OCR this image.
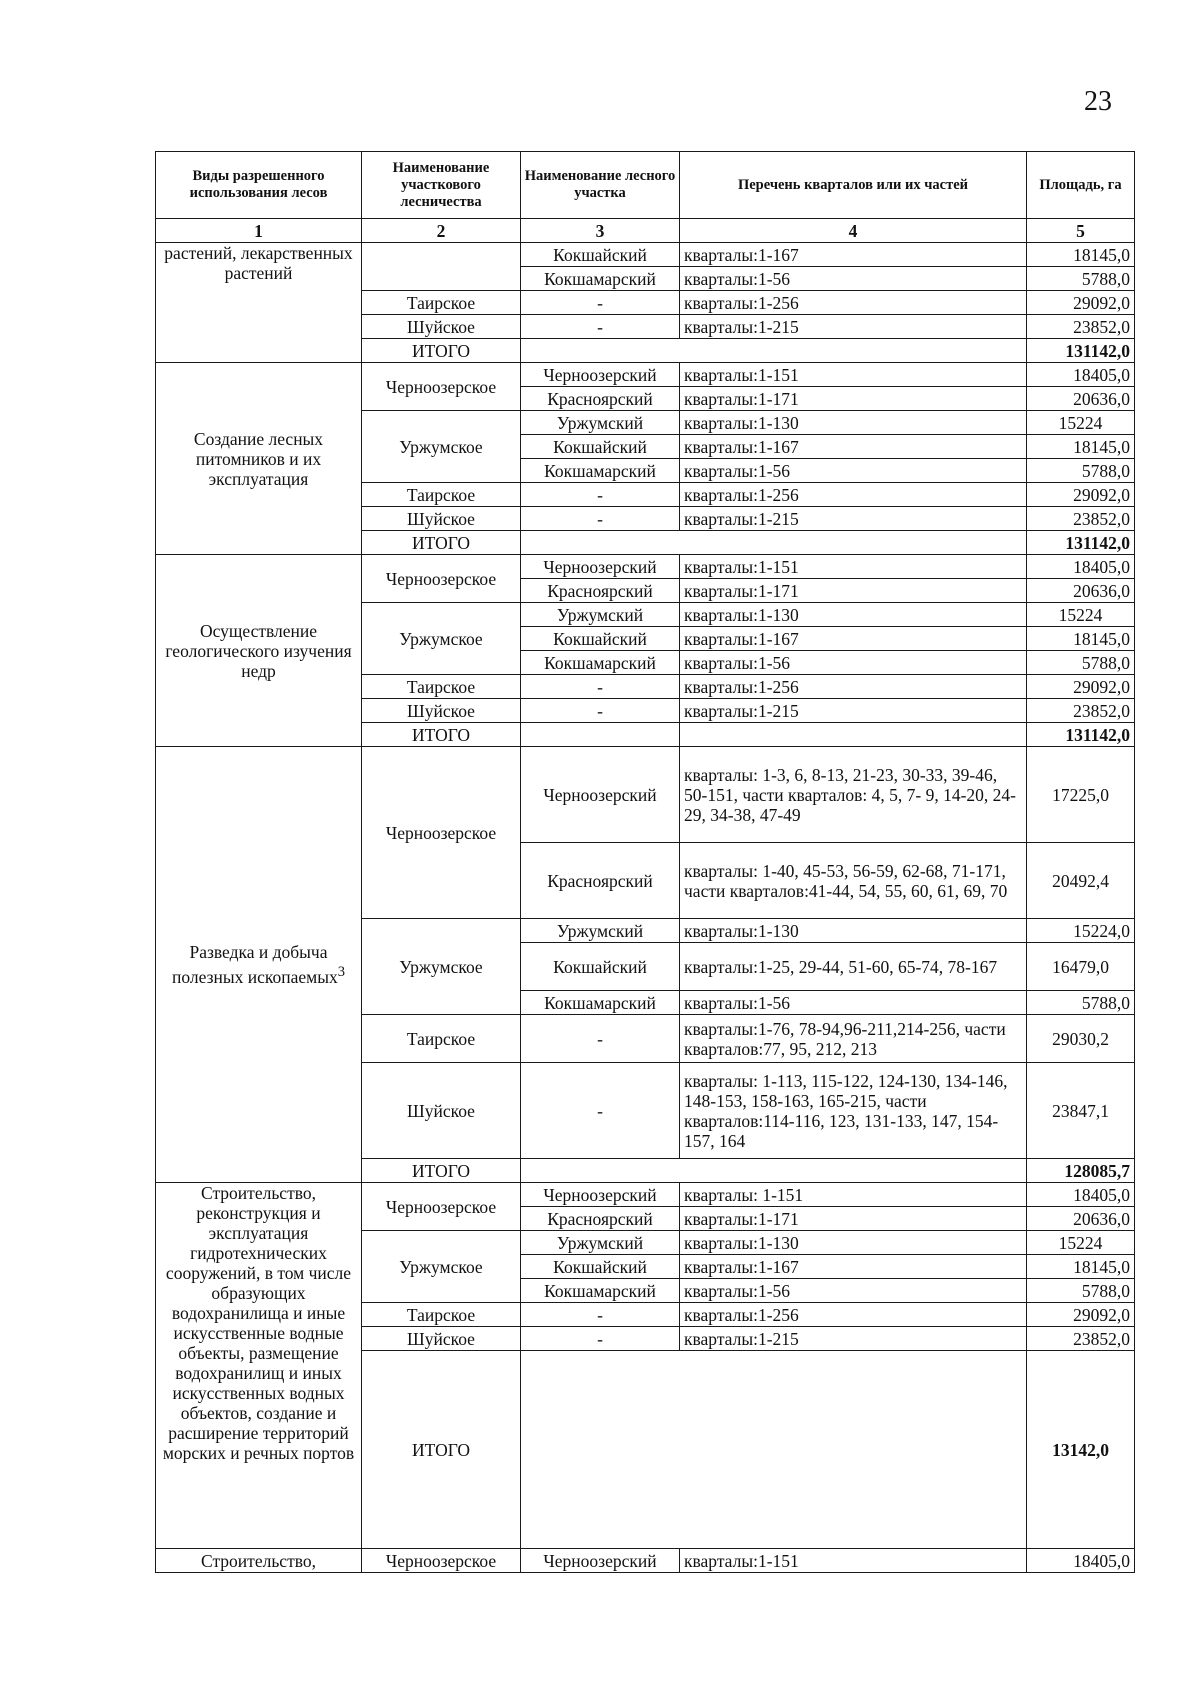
23
Виды разрешенного использования лесов	Наименование участкового лесничества	Наименование лесного участка	Перечень кварталов или их частей	Площадь, га
1	2	3	4	5
растений, лекарственных растений		Кокшайский	кварталы:1-167	18145,0
		Кокшамарский	кварталы:1-56	5788,0
	Таирское	-	кварталы:1-256	29092,0
	Шуйское	-	кварталы:1-215	23852,0
	ИТОГО			131142,0
Создание лесных питомников и их эксплуатация	Черноозерское	Черноозерский	кварталы:1-151	18405,0
		Красноярский	кварталы:1-171	20636,0
	Уржумское	Уржумский	кварталы:1-130	15224
		Кокшайский	кварталы:1-167	18145,0
		Кокшамарский	кварталы:1-56	5788,0
	Таирское	-	кварталы:1-256	29092,0
	Шуйское	-	кварталы:1-215	23852,0
	ИТОГО			131142,0
Осуществление геологического изучения недр	Черноозерское	Черноозерский	кварталы:1-151	18405,0
		Красноярский	кварталы:1-171	20636,0
	Уржумское	Уржумский	кварталы:1-130	15224
		Кокшайский	кварталы:1-167	18145,0
		Кокшамарский	кварталы:1-56	5788,0
	Таирское	-	кварталы:1-256	29092,0
	Шуйское	-	кварталы:1-215	23852,0
	ИТОГО			131142,0
Разведка и добыча полезных ископаемых$^3$	Черноозерское	Черноозерский	кварталы: 1-3, 6, 8-13, 21-23, 30-33, 39-46, 50-151, части кварталов: 4, 5, 7- 9, 14-20, 24-29, 34-38, 47-49	17225,0
		Красноярский	кварталы: 1-40, 45-53, 56-59, 62-68, 71-171, части кварталов:41-44, 54, 55, 60, 61, 69, 70	20492,4
	Уржумское	Уржумский	кварталы:1-130	15224,0
		Кокшайский	кварталы:1-25, 29-44, 51-60, 65-74, 78-167	16479,0
		Кокшамарский	кварталы:1-56	5788,0
	Таирское	-	кварталы:1-76, 78-94,96-211,214-256, части кварталов:77, 95, 212, 213	29030,2
	Шуйское	-	кварталы: 1-113, 115-122, 124-130, 134-146, 148-153, 158-163, 165-215, части кварталов:114-116, 123, 131-133, 147, 154-157, 164	23847,1
	ИТОГО			128085,7
Строительство, реконструкция и эксплуатация гидротехнических сооружений, в том числе образующих водохранилища и иные искусственные водные объекты, размещение водохранилищ и иных искусственных водных объектов, создание и расширение территорий морских и речных портов	Черноозерское	Черноозерский	кварталы: 1-151	18405,0
		Красноярский	кварталы:1-171	20636,0
	Уржумское	Уржумский	кварталы:1-130	15224
		Кокшайский	кварталы:1-167	18145,0
		Кокшамарский	кварталы:1-56	5788,0
	Таирское	-	кварталы:1-256	29092,0
	Шуйское	-	кварталы:1-215	23852,0
	ИТОГО			13142,0
Строительство,	Черноозерское	Черноозерский	кварталы:1-151	18405,0
